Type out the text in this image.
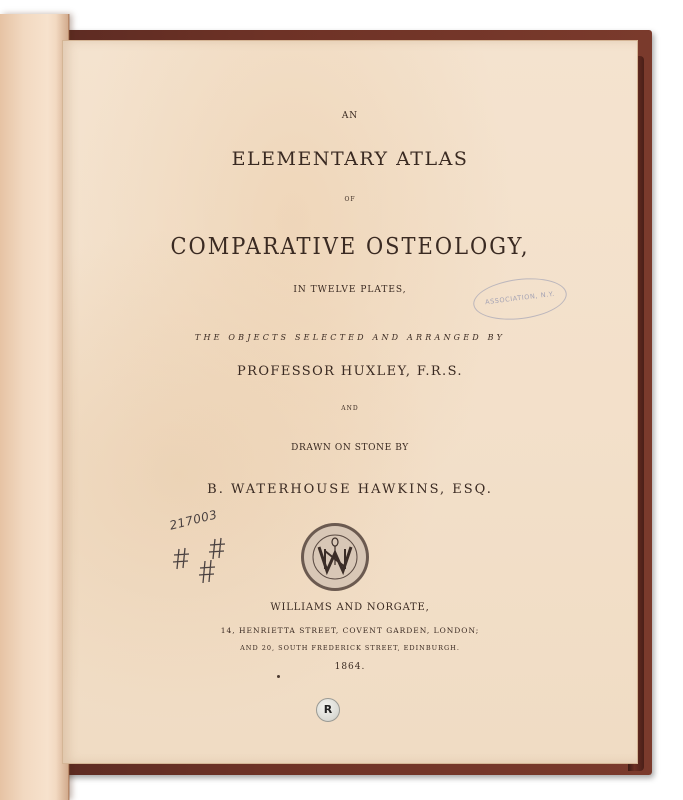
AN
ELEMENTARY ATLAS
OF
COMPARATIVE OSTEOLOGY,
IN TWELVE PLATES,
THE OBJECTS SELECTED AND ARRANGED BY
PROFESSOR HUXLEY, F.R.S.
AND
DRAWN ON STONE BY
B. WATERHOUSE HAWKINS, ESQ.
WILLIAMS AND NORGATE,
14, HENRIETTA STREET, COVENT GARDEN, LONDON;
AND 20, SOUTH FREDERICK STREET, EDINBURGH.
1864.
ASSOCIATION, N.Y.
217003
R
